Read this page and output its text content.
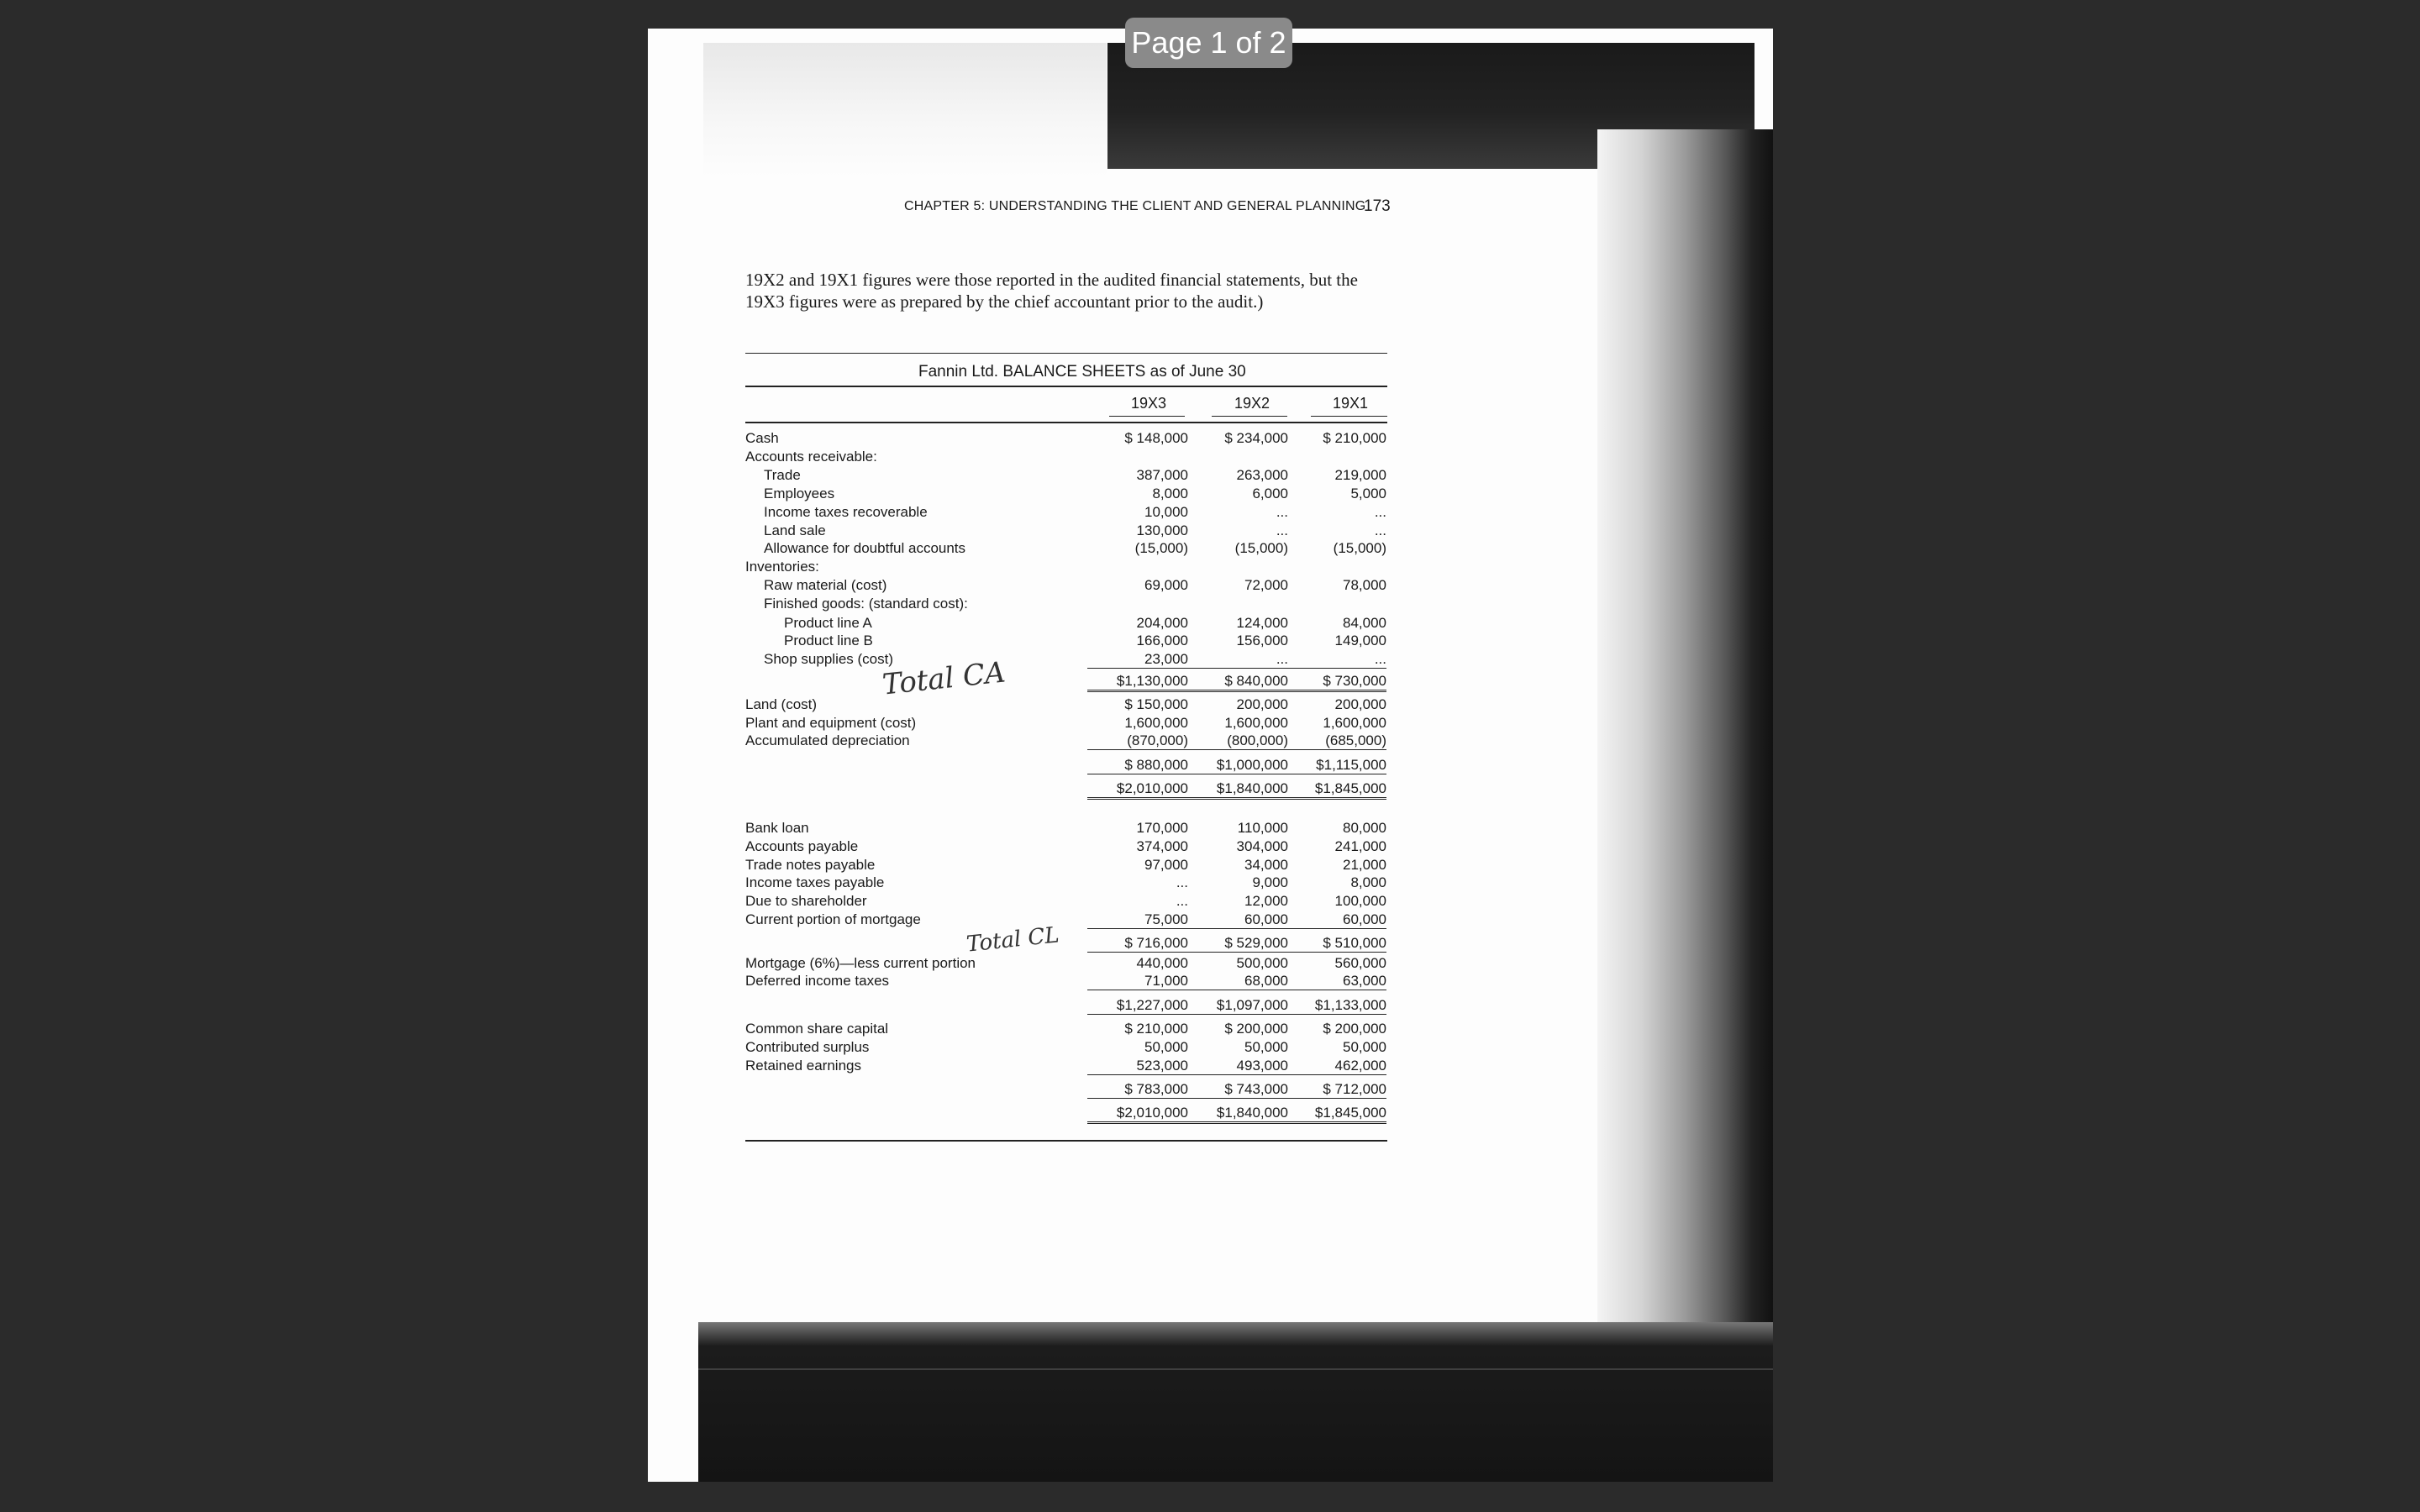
Page 1 of 2
CHAPTER 5: UNDERSTANDING THE CLIENT AND GENERAL PLANNING
173
19X2 and 19X1 figures were those reported in the audited financial statements, but the
19X3 figures were as prepared by the chief accountant prior to the audit.)
Fannin Ltd. BALANCE SHEETS as of June 30
19X3	19X2	19X1
Cash	$ 148,000	$ 234,000	$ 210,000
Accounts receivable:
Trade	387,000	263,000	219,000
Employees	8,000	6,000	5,000
Income taxes recoverable	10,000	...	...
Land sale	130,000	...	...
Allowance for doubtful accounts	(15,000)	(15,000)	(15,000)
Inventories:
Raw material (cost)	69,000	72,000	78,000
Finished goods: (standard cost):
Product line A	204,000	124,000	84,000
Product line B	166,000	156,000	149,000
Shop supplies (cost)	23,000	...	...
$1,130,000	$ 840,000	$ 730,000
Land (cost)	$ 150,000	200,000	200,000
Plant and equipment (cost)	1,600,000	1,600,000	1,600,000
Accumulated depreciation	(870,000)	(800,000)	(685,000)
$ 880,000	$1,000,000	$1,115,000
$2,010,000	$1,840,000	$1,845,000
Bank loan	170,000	110,000	80,000
Accounts payable	374,000	304,000	241,000
Trade notes payable	97,000	34,000	21,000
Income taxes payable	...	9,000	8,000
Due to shareholder	...	12,000	100,000
Current portion of mortgage	75,000	60,000	60,000
$ 716,000	$ 529,000	$ 510,000
Mortgage (6%)—less current portion	440,000	500,000	560,000
Deferred income taxes	71,000	68,000	63,000
$1,227,000	$1,097,000	$1,133,000
Common share capital	$ 210,000	$ 200,000	$ 200,000
Contributed surplus	50,000	50,000	50,000
Retained earnings	523,000	493,000	462,000
$ 783,000	$ 743,000	$ 712,000
$2,010,000	$1,840,000	$1,845,000
Total CA
Total CL
